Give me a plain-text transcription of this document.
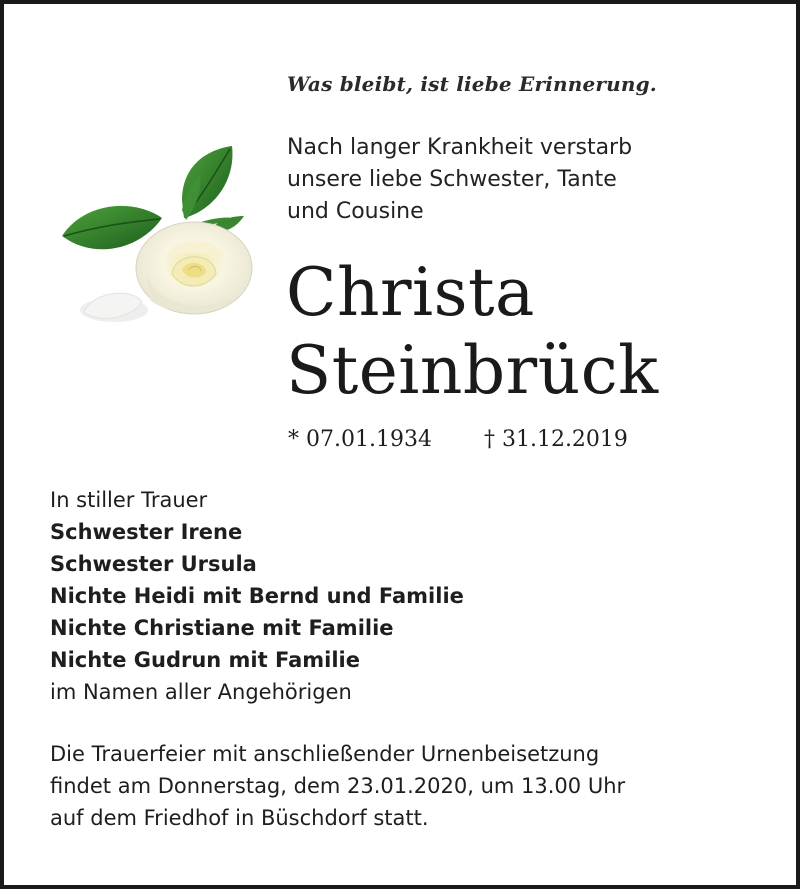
Was bleibt, ist liebe Erinnerung.
Nach langer Krankheit verstarb
unsere liebe Schwester, Tante
und Cousine
Christa
Steinbrück
* 07.01.1934 † 31.12.2019
In stiller Trauer
Schwester Irene
Schwester Ursula
Nichte Heidi mit Bernd und Familie
Nichte Christiane mit Familie
Nichte Gudrun mit Familie
im Namen aller Angehörigen
Die Trauerfeier mit anschließender Urnenbeisetzung
findet am Donnerstag, dem 23.01.2020, um 13.00 Uhr
auf dem Friedhof in Büschdorf statt.
